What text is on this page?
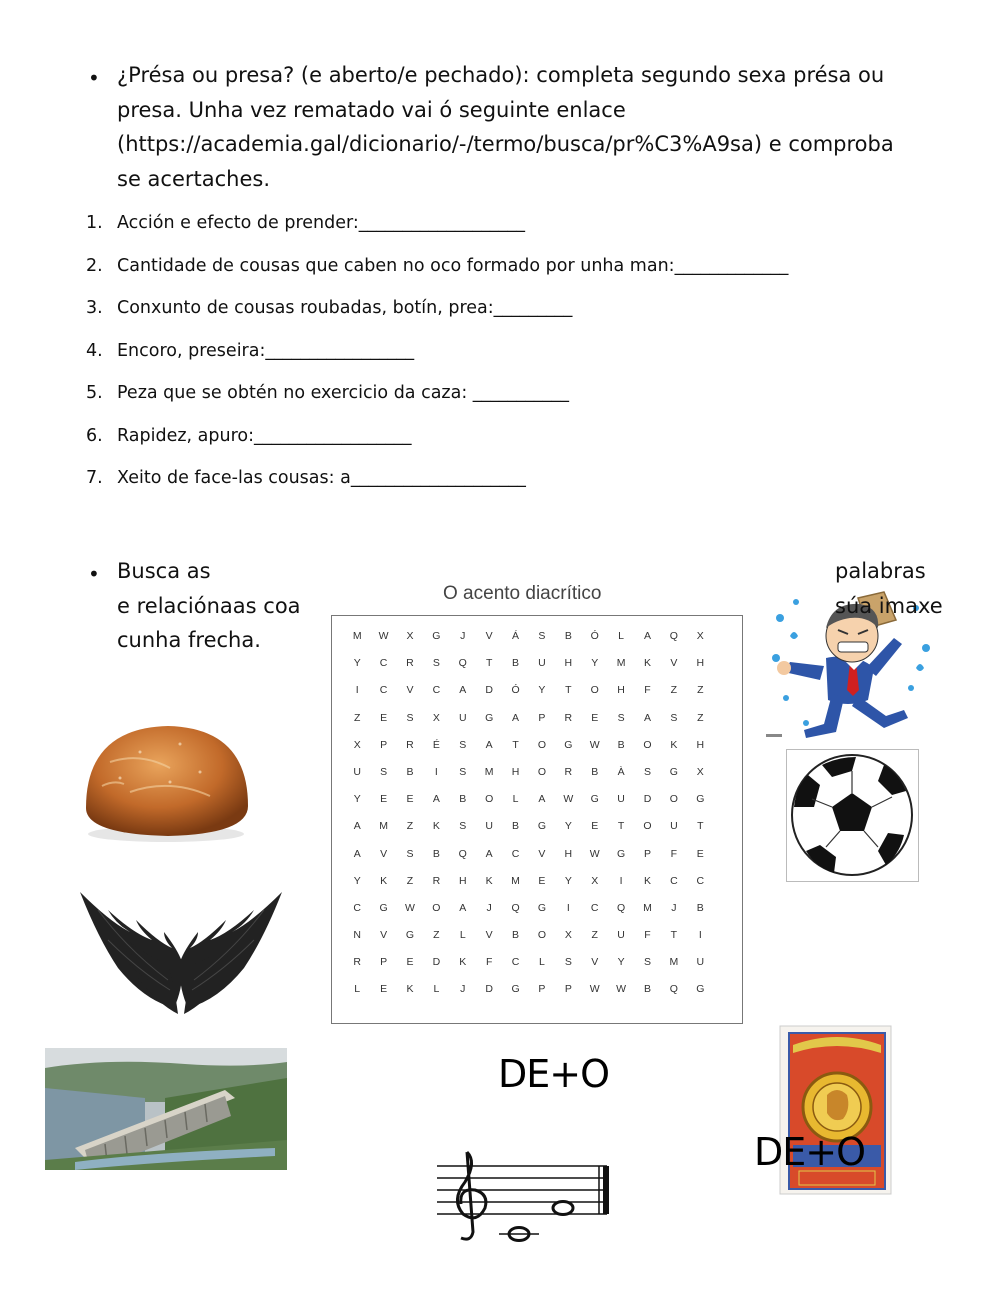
• ¿Présa ou presa? (e aberto/e pechado): completa segundo sexa présa ou
presa. Unha vez rematado vai ó seguinte enlace
(https://academia.gal/dicionario/-/termo/busca/pr%C3%A9sa) e comproba
se acertaches.
1. Acción e efecto de prender:___________________
2. Cantidade de cousas que caben no oco formado por unha man:_____________
3. Conxunto de cousas roubadas, botín, prea:_________
4. Encoro, preseira:_________________
5. Peza que se obtén no exercicio da caza: ___________
6. Rapidez, apuro:__________________
7. Xeito de face-las cousas: a____________________
• Busca as
e relaciónaas coa
cunha frecha.
palabras
súa imaxe
O acento diacrítico
M	W	X	G	J	V	Á	S	B	Ó	L	A	Q	X
Y	C	R	S	Q	T	B	U	H	Y	M	K	V	H
I	C	V	C	A	D	Ó	Y	T	O	H	F	Z	Z
Z	E	S	X	U	G	A	P	R	E	S	A	S	Z
X	P	R	É	S	A	T	O	G	W	B	O	K	H
U	S	B	I	S	M	H	O	R	B	À	S	G	X
Y	E	E	A	B	O	L	A	W	G	U	D	O	G
A	M	Z	K	S	U	B	G	Y	E	T	O	U	T
A	V	S	B	Q	A	C	V	H	W	G	P	F	E
Y	K	Z	R	H	K	M	E	Y	X	I	K	C	C
C	G	W	O	A	J	Q	G	I	C	Q	M	J	B
N	V	G	Z	L	V	B	O	X	Z	U	F	T	I
R	P	E	D	K	F	C	L	S	V	Y	S	M	U
L	E	K	L	J	D	G	P	P	W	W	B	Q	G
DE+O
DE+O
